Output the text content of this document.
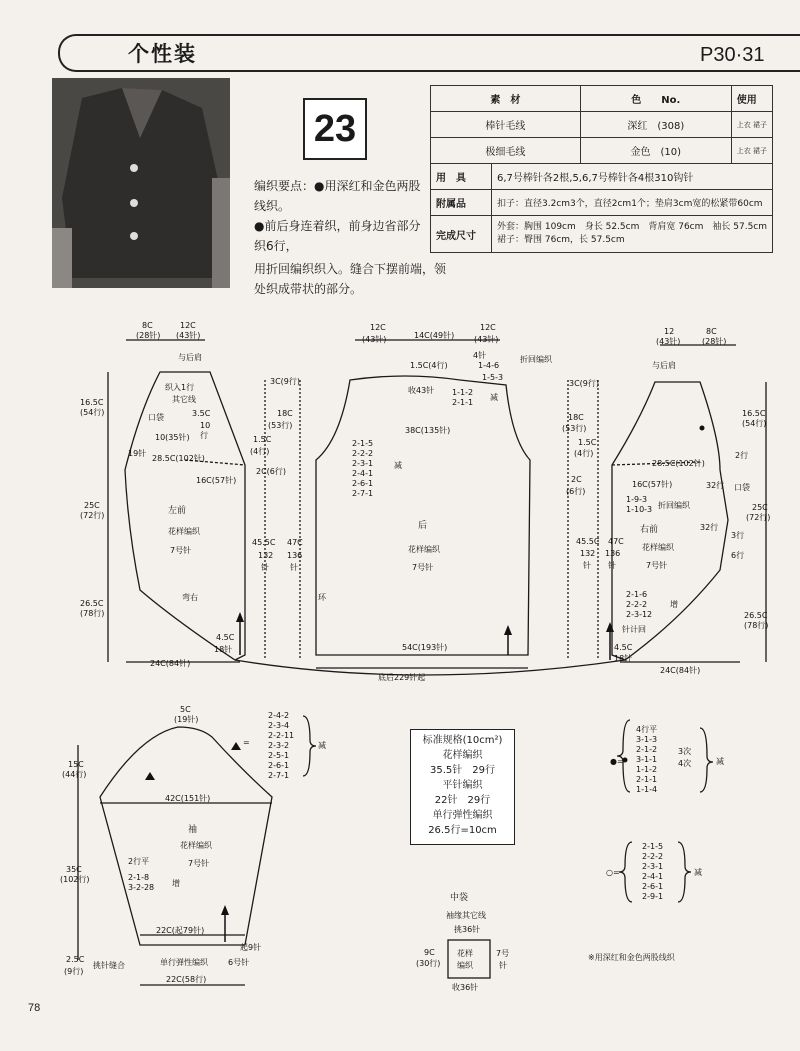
个性装	P30·31
23
编织要点：●用深红和金色两股线织。
●前后身连着织，前身边省部分织6行，
用折回编织织入。缝合下摆前端，领处织成带状的部分。
素　材		色　　No.	使用
棒针毛线		深红　(308)	上衣 裙子
极细毛线		金色　(10)	上衣 裙子
用　具	6,7号棒针各2根,5,6,7号棒针各4根310钩针		
附属品	扣子：直径3.2cm3个，直径2cm1个；垫肩3cm宽的松紧带60cm		
完成尺寸	外套：胸围 109cm　身长 52.5cm　背肩宽 76cm　袖长 57.5cm
裙子：臀围 76cm，长 57.5cm		
8C
(28针)
12C
(43针)
与后肩
16.5C
(54行)
25C
(72行)
26.5C
(78行)
织入1行
其它线
口袋	3.5C
10
行
10(35针)
19针
28.5C(102针)
16C(57针)
左前
花样编织
7号针
弯右
4.5C
18针
24C(84针)
3C(9行)
18C
(53行)
1.5C
(4行)
2C(6行)
45.5C
132
针
47C
136
针
12C
(43针)	14C(49针)
12C
(43针)
1.5C(4行)
4针
1-4-6
1-5-3
折回编织
收43针 1-1-2
2-1-1
减
38C(135针)
2-1-5
2-2-2
2-3-1
2-4-1
2-6-1
2-7-1
减
后
花样编织
7号针
环
54C(193针)
底后229针起
12
(43针)
8C
(28针)
与后肩
3C(9行)
18C
(53行)
1.5C
(4行)
2C
(6行)
28.5C(102针)
16C(57针)
1-9-3
1-10-3 折回编织
32行
32行
3行
6行
2行
口袋
16.5C
(54行)
25C
(72行)
26.5C
(78行)
右前
花样编织
7号针
47C
136
针
45.5C
132
针
2-1-6
2-2-2
2-3-12
增
针计回
4.5C
18针
24C(84针)
5C
(19针)
15C
(44行)
42C(151针)
35C
(102行)
袖
花样编织
7号针
2行平
2-1-8
3-2-28 增
2.5C
(9行)
22C(起79针)
起9针
单行弹性编织	6号针
挑针缝合
22C(58行)
=
2-4-2
2-3-4
2-2-11
2-3-2
2-5-1
2-6-1
2-7-1
减
●=
4行平
3-1-3
2-1-2
3-1-1
1-1-2
2-1-1
1-1-4
3次
4次	减
○=
2-1-5
2-2-2
2-3-1
2-4-1
2-6-1
2-9-1
减
中袋
袖缘其它线
挑36针
9C
(30行)
花样
编织
7号
针
收36针
标准规格(10cm²)
花样编织
35.5针　29行
平针编织
22针　29行
单行弹性编织
26.5行=10cm
※用深红和金色两股线织
78
